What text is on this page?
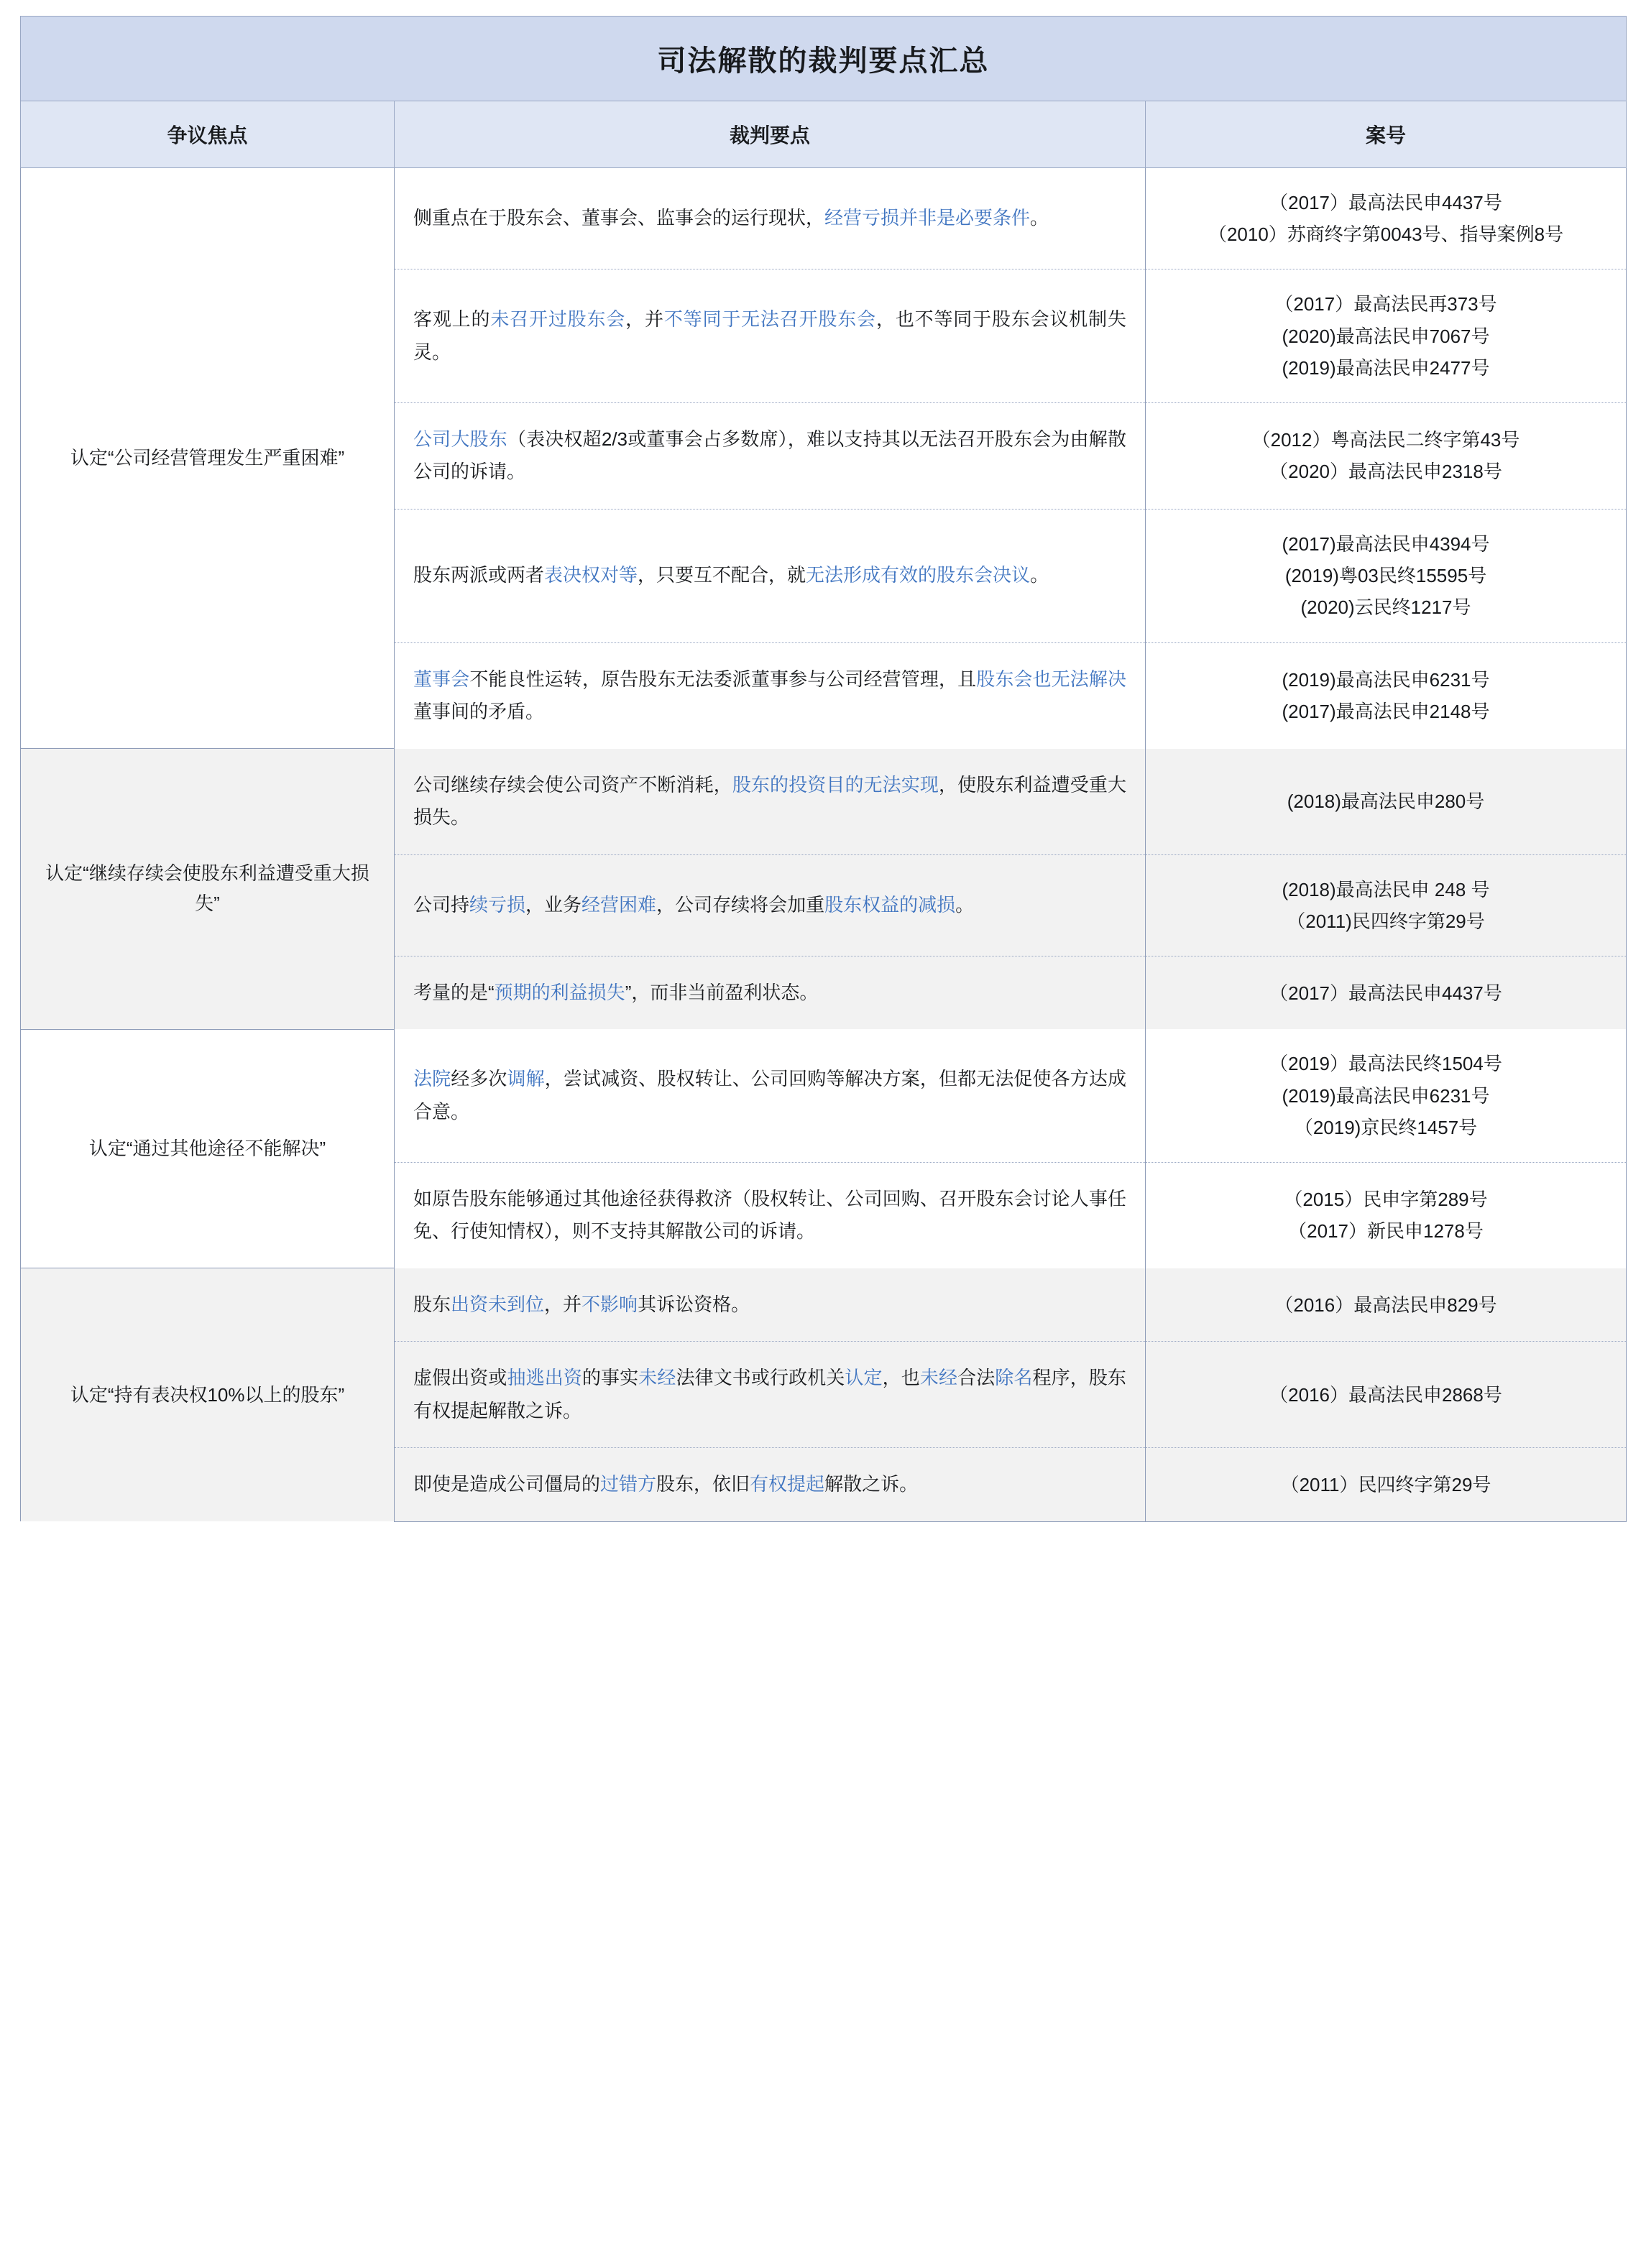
司法解散的裁判要点汇总		
争议焦点	裁判要点	案号
认定“公司经营管理发生严重困难”	侧重点在于股东会、董事会、监事会的运行现状，经营亏损并非是必要条件。	（2017）最高法民申4437号
（2010）苏商终字第0043号、指导案例8号

	客观上的未召开过股东会，并不等同于无法召开股东会，也不等同于股东会议机制失灵。	（2017）最高法民再373号
(2020)最高法民申7067号
(2019)最高法民申2477号

	公司大股东（表决权超2/3或董事会占多数席），难以支持其以无法召开股东会为由解散公司的诉请。	（2012）粤高法民二终字第43号
（2020）最高法民申2318号

	股东两派或两者表决权对等，只要互不配合，就无法形成有效的股东会决议。	(2017)最高法民申4394号
(2019)粤03民终15595号
(2020)云民终1217号

	董事会不能良性运转，原告股东无法委派董事参与公司经营管理，且股东会也无法解决董事间的矛盾。	(2019)最高法民申6231号
(2017)最高法民申2148号

认定“继续存续会使股东利益遭受重大损失”	公司继续存续会使公司资产不断消耗，股东的投资目的无法实现，使股东利益遭受重大损失。	(2018)最高法民申280号

	公司持续亏损，业务经营困难，公司存续将会加重股东权益的减损。	(2018)最高法民申 248 号
（2011)民四终字第29号

	考量的是“预期的利益损失”，而非当前盈利状态。	（2017）最高法民申4437号

认定“通过其他途径不能解决”	法院经多次调解，尝试减资、股权转让、公司回购等解决方案，但都无法促使各方达成合意。	（2019）最高法民终1504号
(2019)最高法民申6231号
（2019)京民终1457号

	如原告股东能够通过其他途径获得救济（股权转让、公司回购、召开股东会讨论人事任免、行使知情权），则不支持其解散公司的诉请。	（2015）民申字第289号
（2017）新民申1278号

认定“持有表决权10%以上的股东”	股东出资未到位，并不影响其诉讼资格。	（2016）最高法民申829号

	虚假出资或抽逃出资的事实未经法律文书或行政机关认定，也未经合法除名程序，股东有权提起解散之诉。	（2016）最高法民申2868号

	即使是造成公司僵局的过错方股东，依旧有权提起解散之诉。	（2011）民四终字第29号
